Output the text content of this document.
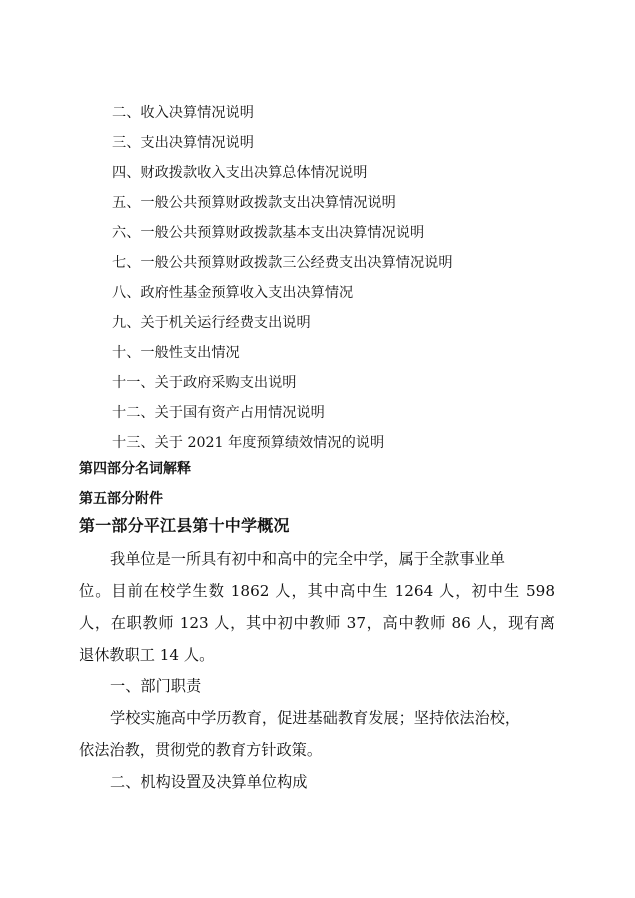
二、收入决算情况说明
三、支出决算情况说明
四、财政拨款收入支出决算总体情况说明
五、一般公共预算财政拨款支出决算情况说明
六、一般公共预算财政拨款基本支出决算情况说明
七、一般公共预算财政拨款三公经费支出决算情况说明
八、政府性基金预算收入支出决算情况
九、关于机关运行经费支出说明
十、一般性支出情况
十一、关于政府采购支出说明
十二、关于国有资产占用情况说明
十三、关于 2021 年度预算绩效情况的说明
第四部分名词解释
第五部分附件
第一部分平江县第十中学概况
我单位是一所具有初中和高中的完全中学，属于全款事业单
位。目前在校学生数 1862 人，其中高中生 1264 人，初中生 598
人，在职教师 123 人，其中初中教师 37，高中教师 86 人，现有离
退休教职工 14 人。
一、部门职责
学校实施高中学历教育，促进基础教育发展；坚持依法治校，
依法治教，贯彻党的教育方针政策。
二、机构设置及决算单位构成
